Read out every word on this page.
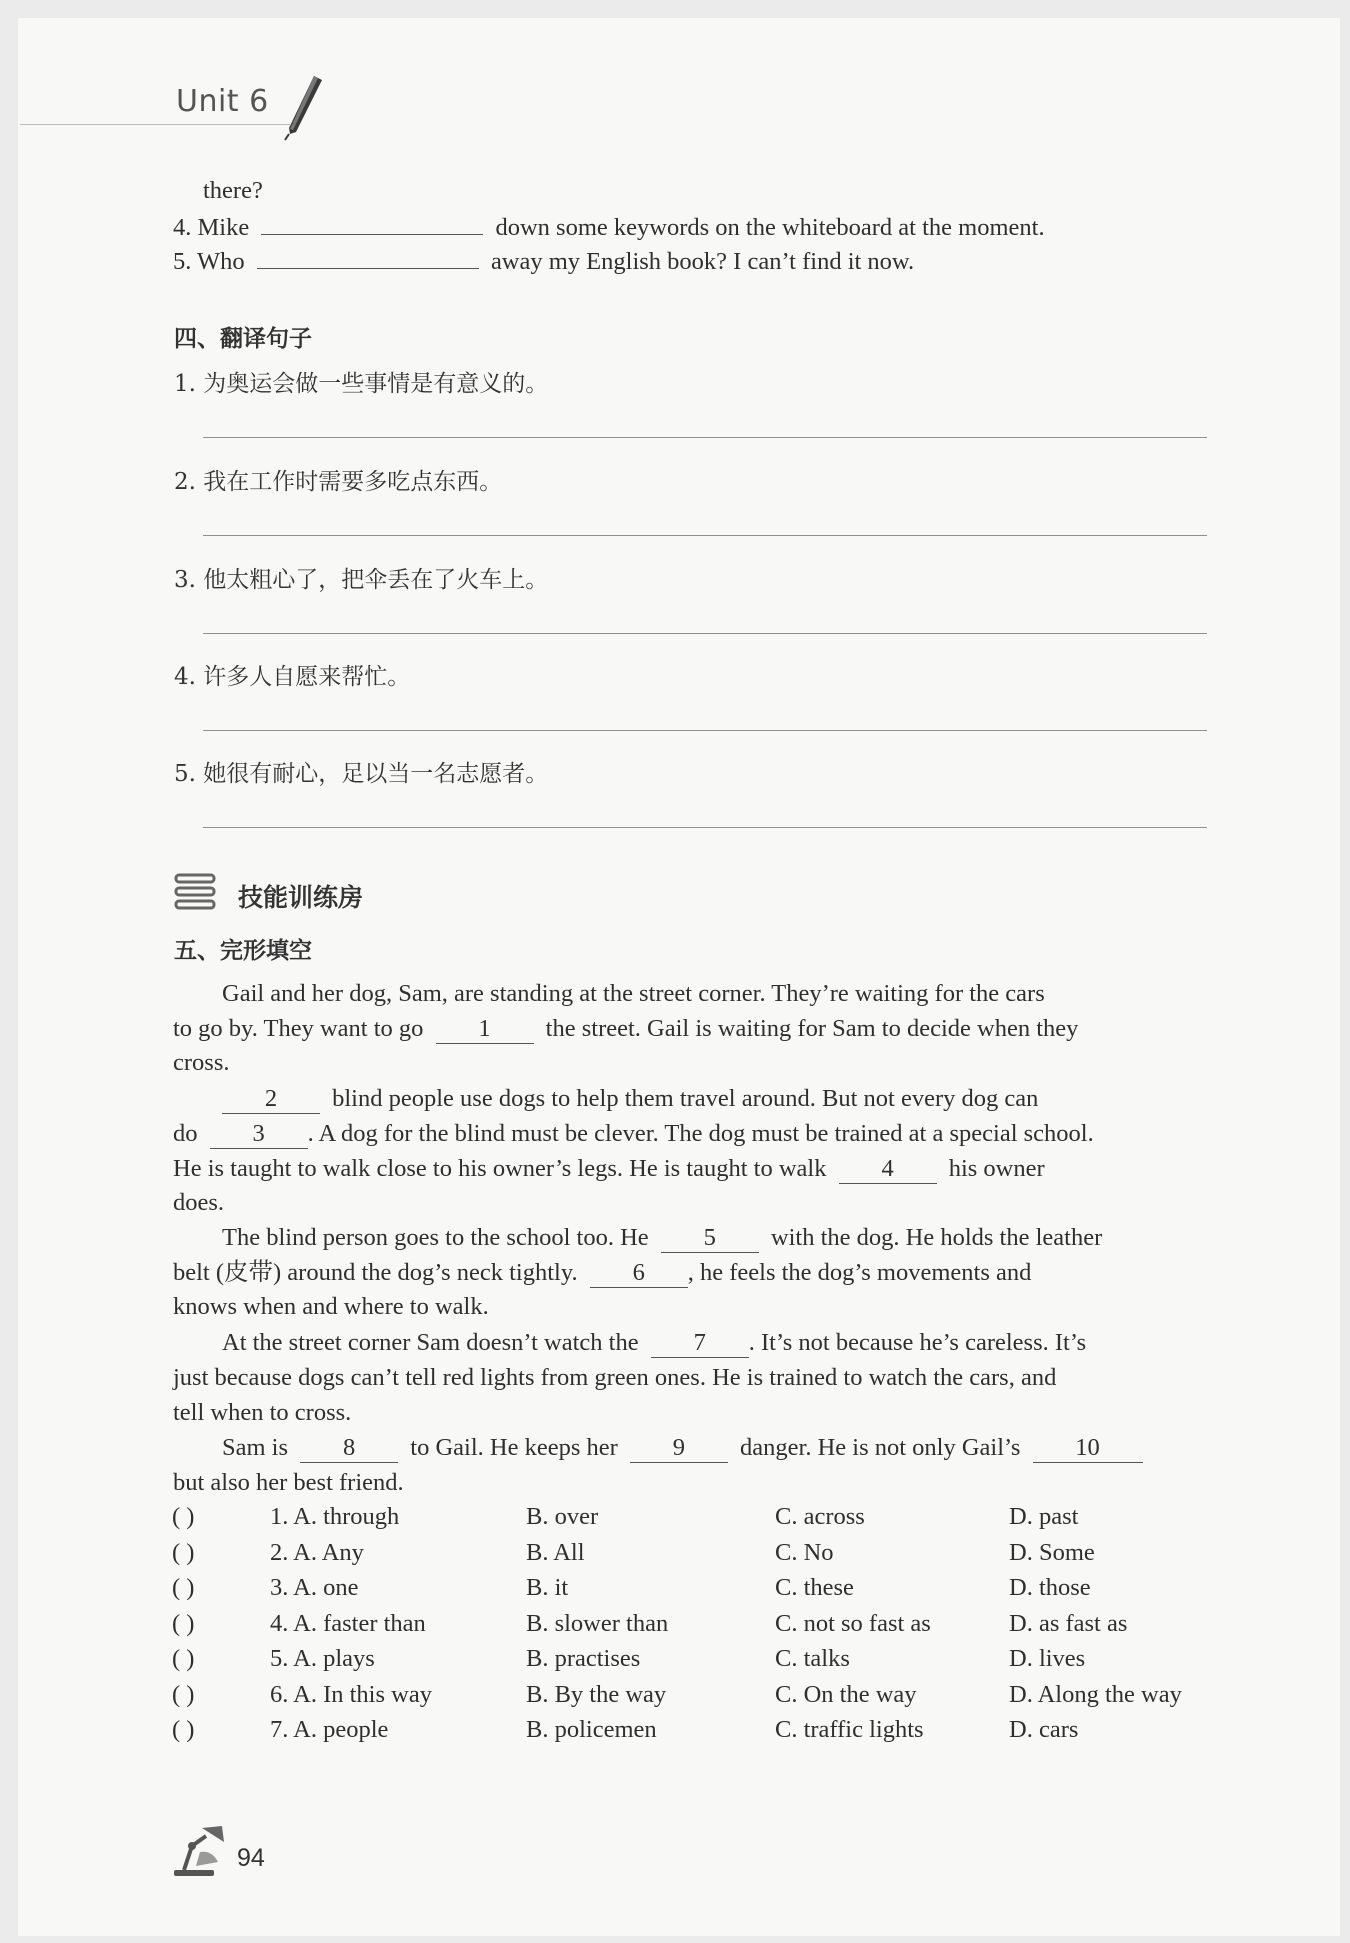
Unit 6
there?
4. Mike	down some keywords on the whiteboard at the moment.
5. Who	away my English book? I can’t find it now.
四、翻译句子
1. 为奥运会做一些事情是有意义的。
2. 我在工作时需要多吃点东西。
3. 他太粗心了，把伞丢在了火车上。
4. 许多人自愿来帮忙。
5. 她很有耐心，足以当一名志愿者。
技能训练房
五、完形填空
Gail and her dog, Sam, are standing at the street corner. They’re waiting for the cars
to go by. They want to go 1 the street. Gail is waiting for Sam to decide when they
cross.
2 blind people use dogs to help them travel around. But not every dog can
do 3 . A dog for the blind must be clever. The dog must be trained at a special school.
He is taught to walk close to his owner’s legs. He is taught to walk 4 his owner
does.
The blind person goes to the school too. He 5 with the dog. He holds the leather
belt (皮带) around the dog’s neck tightly. 6 , he feels the dog’s movements and
knows when and where to walk.
At the street corner Sam doesn’t watch the 7 . It’s not because he’s careless. It’s
just because dogs can’t tell red lights from green ones. He is trained to watch the cars, and
tell when to cross.
Sam is 8 to Gail. He keeps her 9 danger. He is not only Gail’s 10
but also her best friend.
( )	1. A. through	B. over	C. across	D. past
( )	2. A. Any	B. All	C. No	D. Some
( )	3. A. one	B. it	C. these	D. those
( )	4. A. faster than	B. slower than	C. not so fast as	D. as fast as
( )	5. A. plays	B. practises	C. talks	D. lives
( )	6. A. In this way	B. By the way	C. On the way	D. Along the way
( )	7. A. people	B. policemen	C. traffic lights	D. cars
94
